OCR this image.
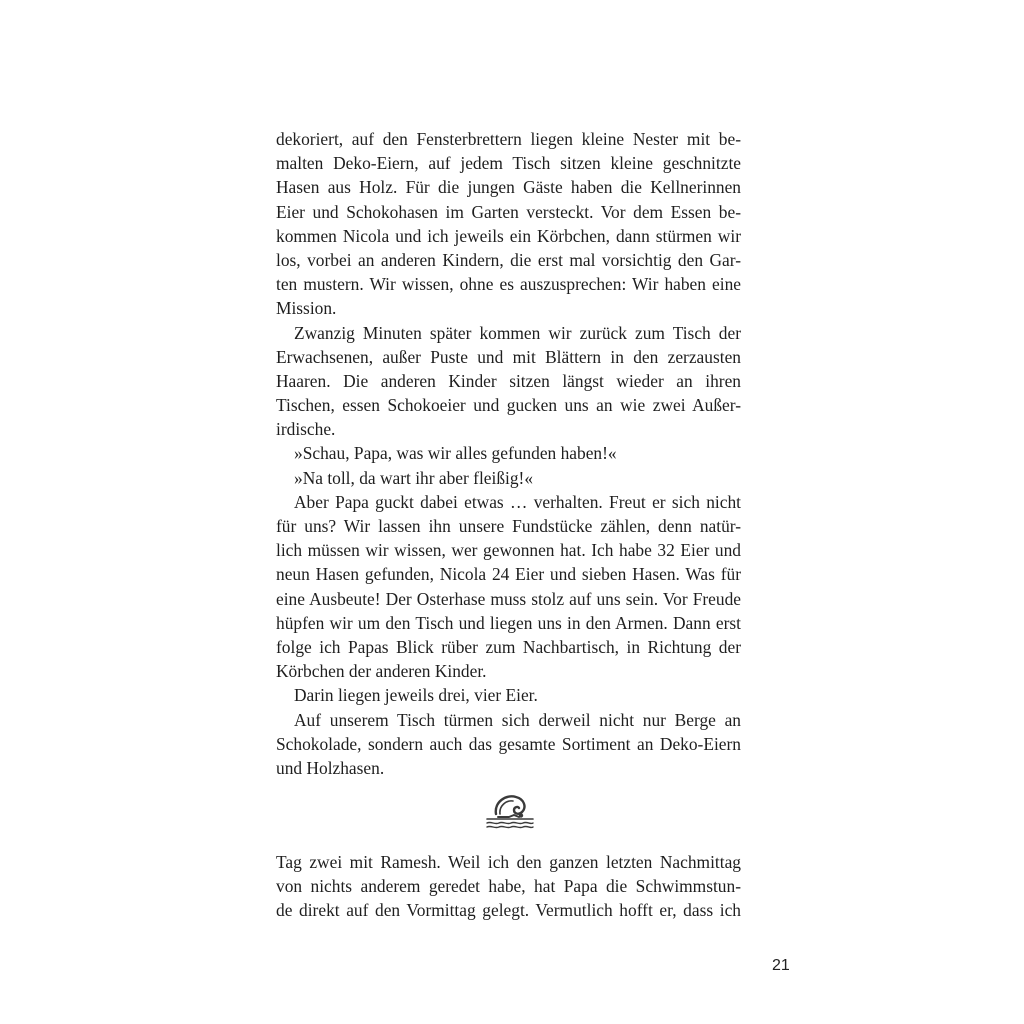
dekoriert, auf den Fensterbrettern liegen kleine Nester mit be-
malten Deko-Eiern, auf jedem Tisch sitzen kleine geschnitzte
Hasen aus Holz. Für die jungen Gäste haben die Kellnerinnen
Eier und Schokohasen im Garten versteckt. Vor dem Essen be-
kommen Nicola und ich jeweils ein Körbchen, dann stürmen wir
los, vorbei an anderen Kindern, die erst mal vorsichtig den Gar-
ten mustern. Wir wissen, ohne es auszusprechen: Wir haben eine
Mission.
Zwanzig Minuten später kommen wir zurück zum Tisch der
Erwachsenen, außer Puste und mit Blättern in den zerzausten
Haaren. Die anderen Kinder sitzen längst wieder an ihren
Tischen, essen Schokoeier und gucken uns an wie zwei Außer-
irdische.
»Schau, Papa, was wir alles gefunden haben!«
»Na toll, da wart ihr aber fleißig!«
Aber Papa guckt dabei etwas … verhalten. Freut er sich nicht
für uns? Wir lassen ihn unsere Fundstücke zählen, denn natür-
lich müssen wir wissen, wer gewonnen hat. Ich habe 32 Eier und
neun Hasen gefunden, Nicola 24 Eier und sieben Hasen. Was für
eine Ausbeute! Der Osterhase muss stolz auf uns sein. Vor Freude
hüpfen wir um den Tisch und liegen uns in den Armen. Dann erst
folge ich Papas Blick rüber zum Nachbartisch, in Richtung der
Körbchen der anderen Kinder.
Darin liegen jeweils drei, vier Eier.
Auf unserem Tisch türmen sich derweil nicht nur Berge an
Schokolade, sondern auch das gesamte Sortiment an Deko-Eiern
und Holzhasen.
Tag zwei mit Ramesh. Weil ich den ganzen letzten Nachmittag
von nichts anderem geredet habe, hat Papa die Schwimmstun-
de direkt auf den Vormittag gelegt. Vermutlich hofft er, dass ich
21
